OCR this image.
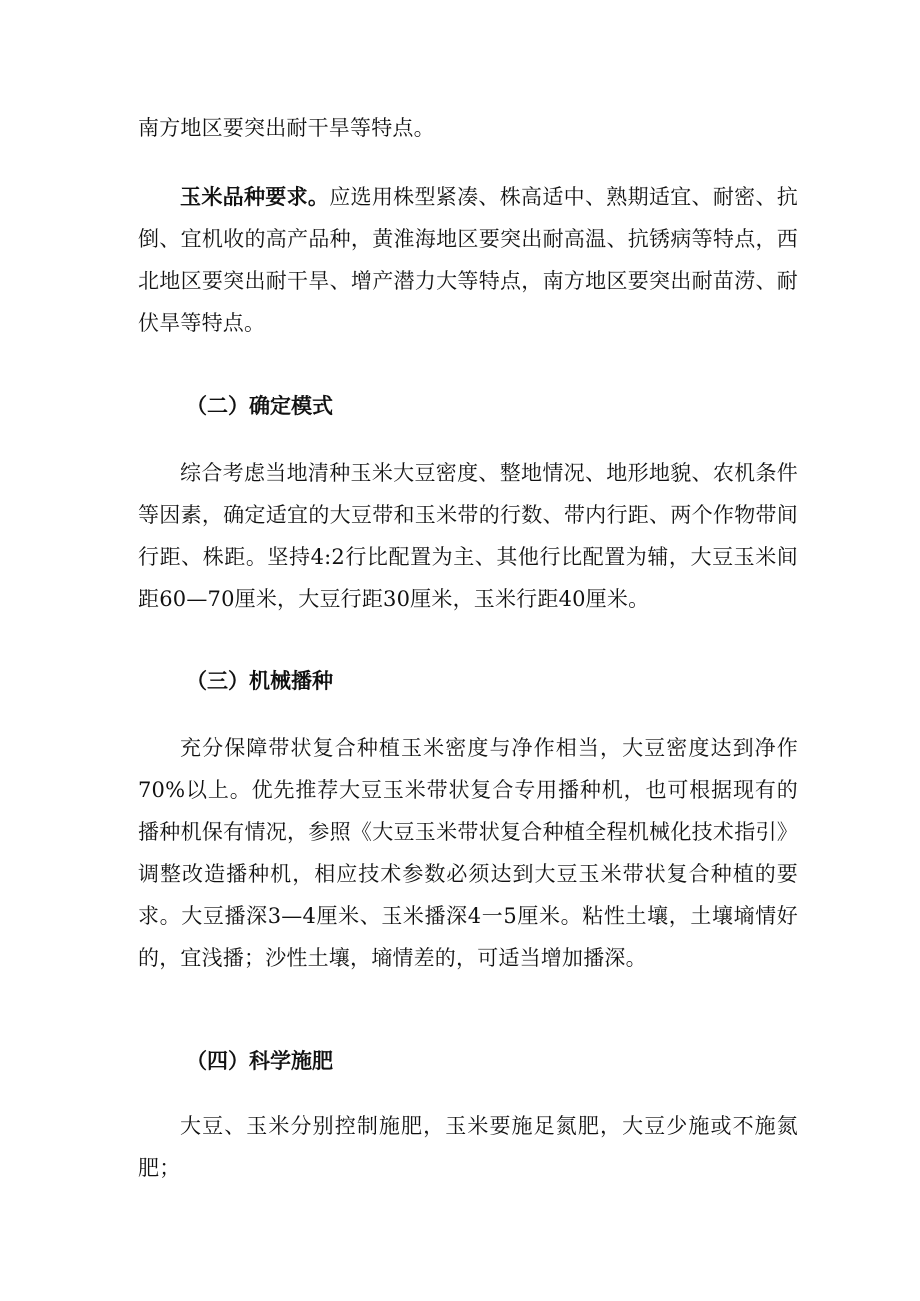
南方地区要突出耐干旱等特点。

玉米品种要求。应选用株型紧凑、株高适中、熟期适宜、耐密、抗倒、宜机收的高产品种，黄淮海地区要突出耐高温、抗锈病等特点，西北地区要突出耐干旱、增产潜力大等特点，南方地区要突出耐苗涝、耐伏旱等特点。

（二）确定模式

综合考虑当地清种玉米大豆密度、整地情况、地形地貌、农机条件等因素，确定适宜的大豆带和玉米带的行数、带内行距、两个作物带间行距、株距。坚持4:2行比配置为主、其他行比配置为辅，大豆玉米间距60—70厘米，大豆行距30厘米，玉米行距40厘米。

（三）机械播种

充分保障带状复合种植玉米密度与净作相当，大豆密度达到净作70%以上。优先推荐大豆玉米带状复合专用播种机，也可根据现有的播种机保有情况，参照《大豆玉米带状复合种植全程机械化技术指引》调整改造播种机，相应技术参数必须达到大豆玉米带状复合种植的要求。大豆播深3—4厘米、玉米播深4一5厘米。粘性土壤，土壤墒情好的，宜浅播；沙性土壤，墒情差的，可适当增加播深。

（四）科学施肥

大豆、玉米分别控制施肥，玉米要施足氮肥，大豆少施或不施氮肥；
